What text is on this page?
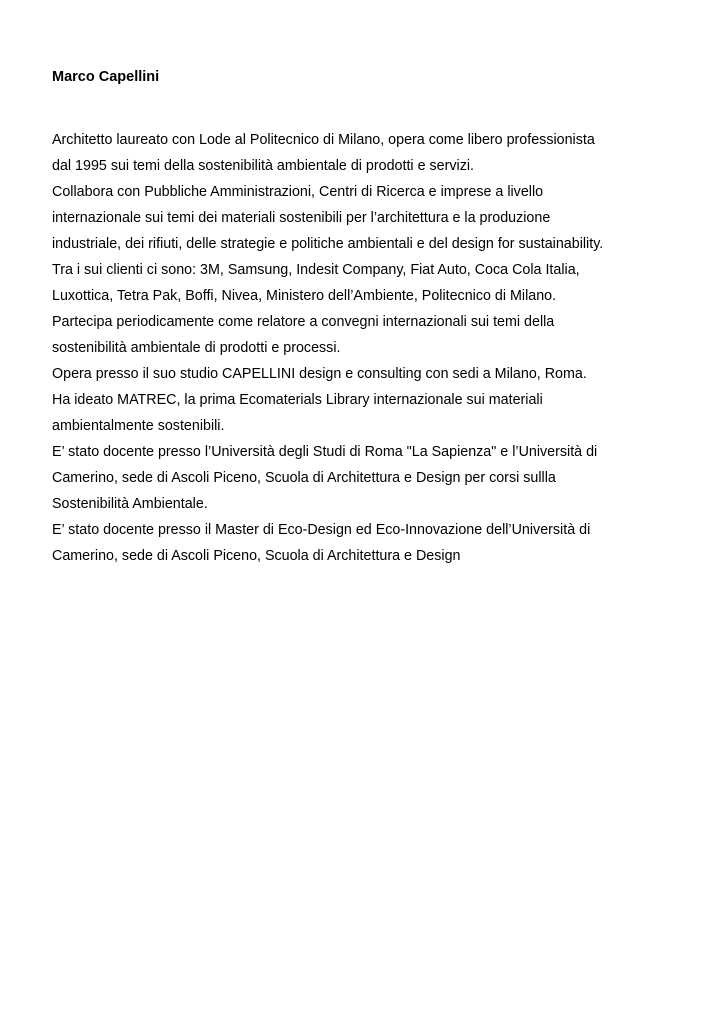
Marco Capellini
Architetto laureato con Lode al Politecnico di Milano, opera come libero professionista
dal 1995 sui temi della sostenibilità ambientale di prodotti e servizi.
Collabora con Pubbliche Amministrazioni, Centri di Ricerca e imprese a livello
internazionale sui temi dei materiali sostenibili per l’architettura e la produzione
industriale, dei rifiuti, delle strategie e politiche ambientali e del design for sustainability.
Tra i sui clienti ci sono: 3M, Samsung, Indesit Company, Fiat Auto, Coca Cola Italia,
Luxottica, Tetra Pak, Boffi, Nivea, Ministero dell’Ambiente, Politecnico di Milano.
Partecipa periodicamente come relatore a convegni internazionali sui temi della
sostenibilità ambientale di prodotti e processi.
Opera presso il suo studio CAPELLINI design e consulting con sedi a Milano, Roma.
Ha ideato MATREC, la prima Ecomaterials Library internazionale sui materiali
ambientalmente sostenibili.
E’ stato docente presso l’Università degli Studi di Roma "La Sapienza" e l’Università di
Camerino, sede di Ascoli Piceno, Scuola di Architettura e Design per corsi sullla
Sostenibilità Ambientale.
E’ stato docente presso il Master di Eco-Design ed Eco-Innovazione dell’Università di
Camerino, sede di Ascoli Piceno, Scuola di Architettura e Design
